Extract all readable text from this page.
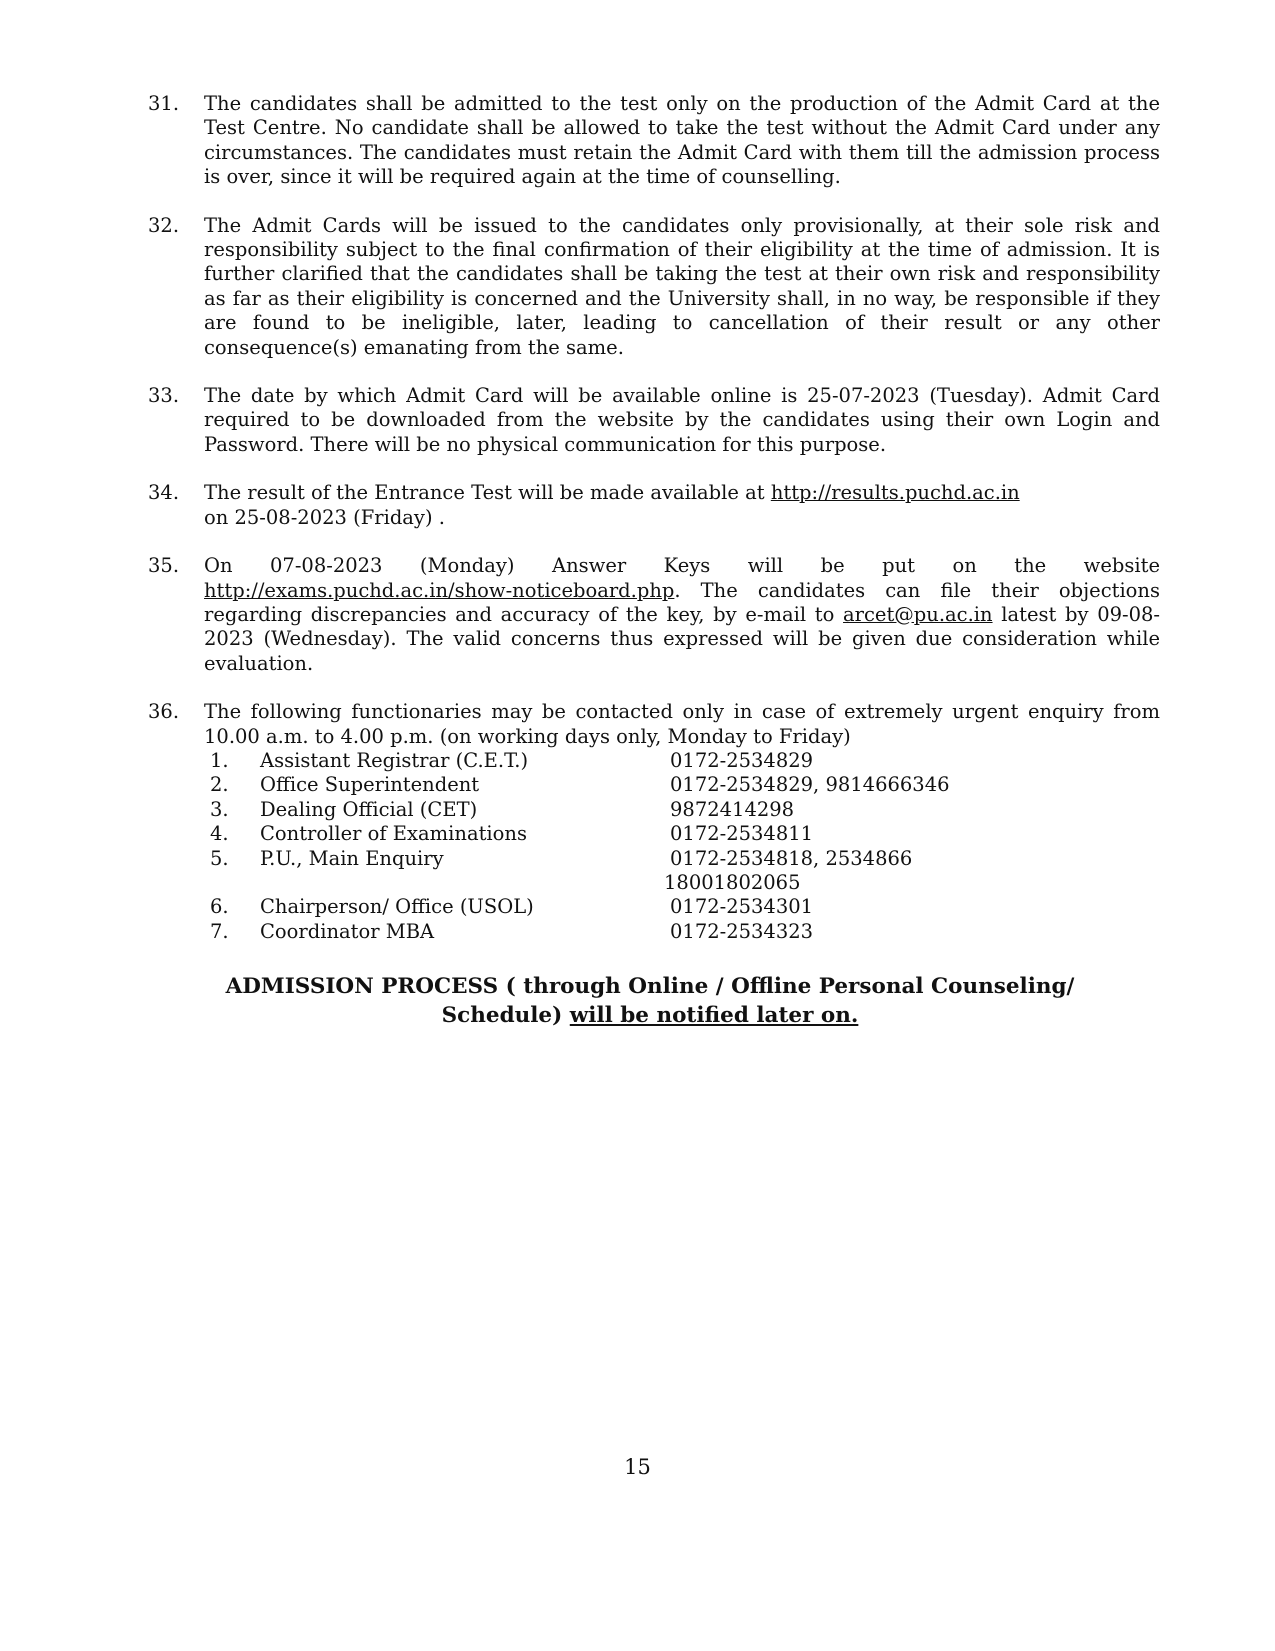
31.	The candidates shall be admitted to the test only on the production of the Admit Card at the Test Centre. No candidate shall be allowed to take the test without the Admit Card under any circumstances. The candidates must retain the Admit Card with them till the admission process is over, since it will be required again at the time of counselling.
32.	The Admit Cards will be issued to the candidates only provisionally, at their sole risk and responsibility subject to the final confirmation of their eligibility at the time of admission. It is further clarified that the candidates shall be taking the test at their own risk and responsibility as far as their eligibility is concerned and the University shall, in no way, be responsible if they are found to be ineligible, later, leading to cancellation of their result or any other consequence(s) emanating from the same.
33.	The date by which Admit Card will be available online is 25-07-2023 (Tuesday). Admit Card required to be downloaded from the website by the candidates using their own Login and Password. There will be no physical communication for this purpose.
34.	The result of the Entrance Test will be made available at http://results.puchd.ac.in

on 25-08-2023 (Friday) .

35.	On 07-08-2023 (Monday) Answer Keys will be put on the website

http://exams.puchd.ac.in/show-noticeboard.php. The candidates can file their objections regarding discrepancies and accuracy of the key, by e-mail to arcet@pu.ac.in latest by 09-08-2023 (Wednesday). The valid concerns thus expressed will be given due consideration while evaluation.

36.	The following functionaries may be contacted only in case of extremely urgent enquiry from 10.00 a.m. to 4.00 p.m. (on working days only, Monday to Friday)

1.	Assistant Registrar (C.E.T.)	0172-2534829
2.	Office Superintendent	0172-2534829, 9814666346
3.	Dealing Official (CET)	9872414298
4.	Controller of Examinations	0172-2534811
5.	P.U., Main Enquiry	0172-2534818, 2534866
18001802065
6.	Chairperson/ Office (USOL)	0172-2534301
7.	Coordinator MBA	0172-2534323
ADMISSION PROCESS ( through Online / Offline Personal Counseling/
Schedule) will be notified later on.
15
